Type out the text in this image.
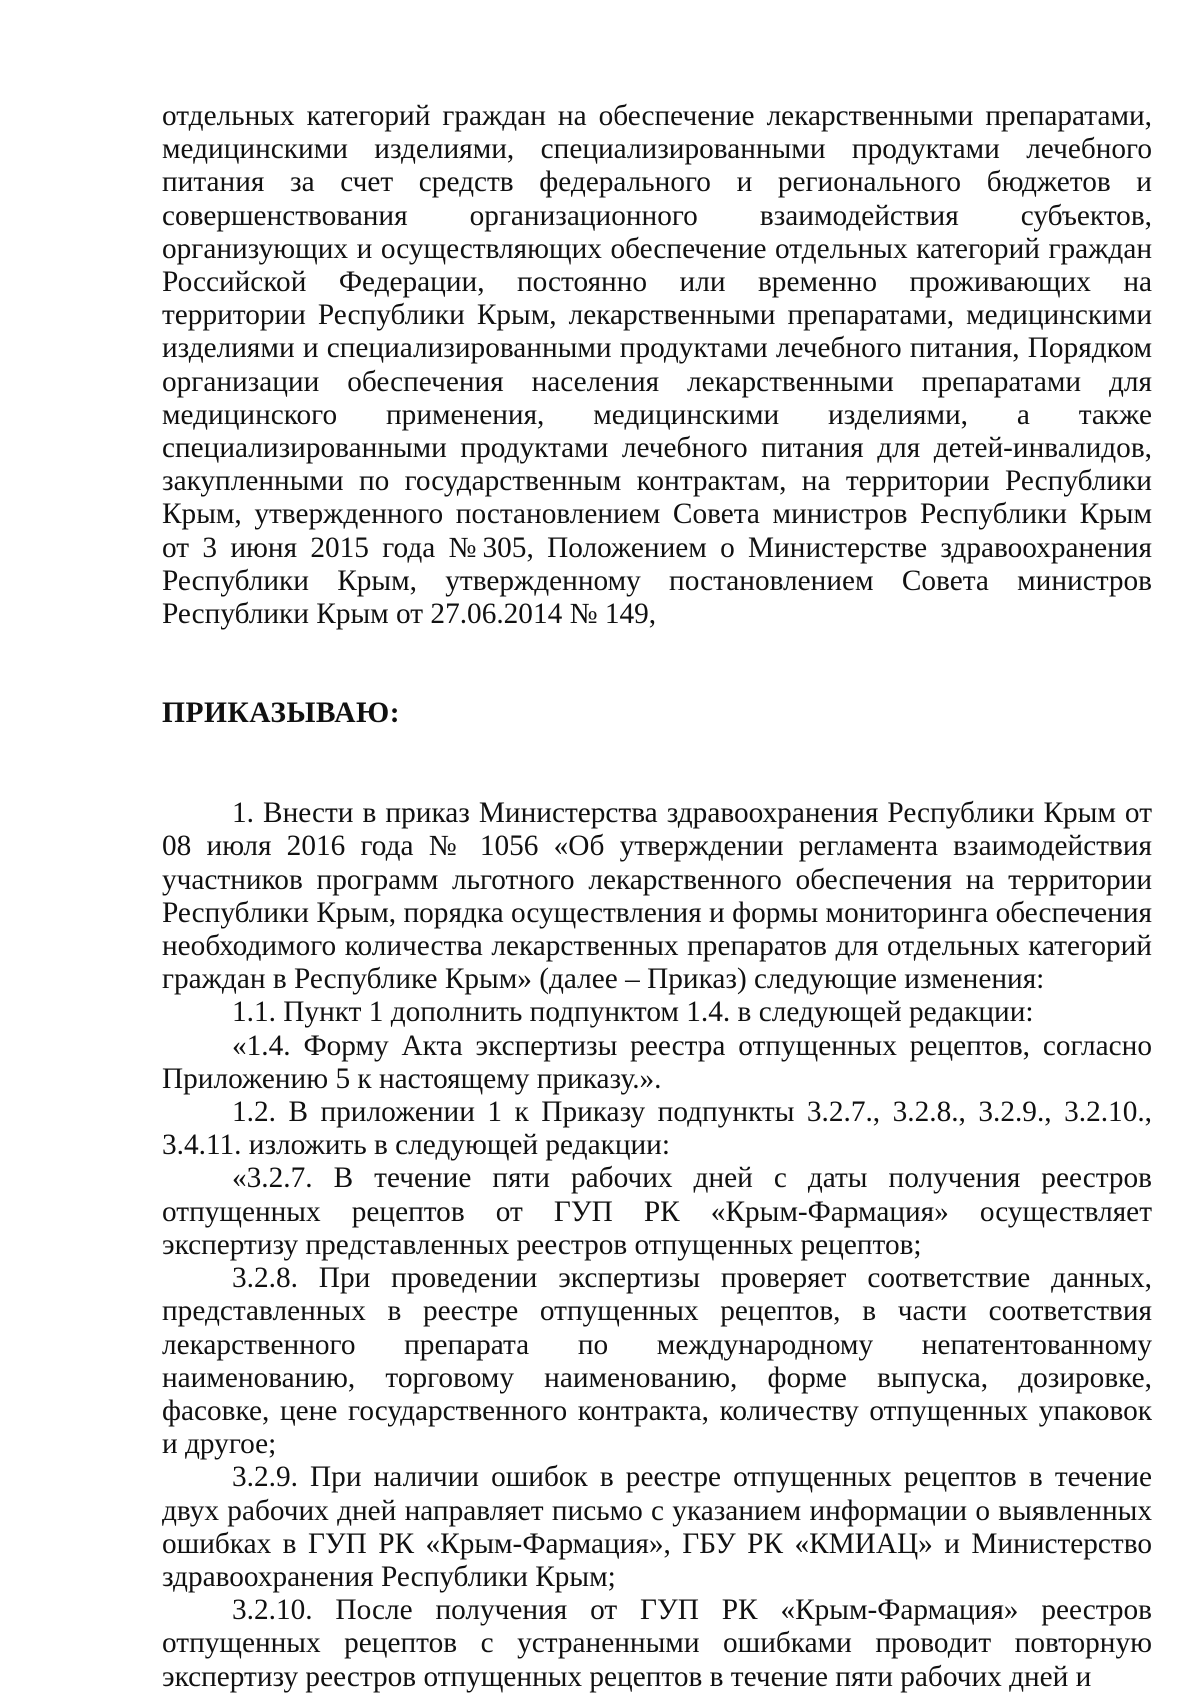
отдельных категорий граждан на обеспечение лекарственными препаратами, медицинскими изделиями, специализированными продуктами лечебного питания за счет средств федерального и регионального бюджетов и совершенствования организационного взаимодействия субъектов, организующих и осуществляющих обеспечение отдельных категорий граждан Российской Федерации, постоянно или временно проживающих на территории Республики Крым, лекарственными препаратами, медицинскими изделиями и специализированными продуктами лечебного питания, Порядком организации обеспечения населения лекарственными препаратами для медицинского применения, медицинскими изделиями, а также специализированными продуктами лечебного питания для детей-инвалидов, закупленными по государственным контрактам, на территории Республики Крым, утвержденного постановлением Совета министров Республики Крым от 3 июня 2015 года №305, Положением о Министерстве здравоохранения Республики Крым, утвержденному постановлением Совета министров Республики Крым от 27.06.2014 № 149,

ПРИКАЗЫВАЮ:

1. Внести в приказ Министерства здравоохранения Республики Крым от 08 июля 2016 года № 1056 «Об утверждении регламента взаимодействия участников программ льготного лекарственного обеспечения на территории Республики Крым, порядка осуществления и формы мониторинга обеспечения необходимого количества лекарственных препаратов для отдельных категорий граждан в Республике Крым» (далее – Приказ) следующие изменения:

1.1. Пункт 1 дополнить подпунктом 1.4. в следующей редакции:

«1.4. Форму Акта экспертизы реестра отпущенных рецептов, согласно Приложению 5 к настоящему приказу.».

1.2. В приложении 1 к Приказу подпункты 3.2.7., 3.2.8., 3.2.9., 3.2.10., 3.4.11. изложить в следующей редакции:

«3.2.7. В течение пяти рабочих дней с даты получения реестров отпущенных рецептов от ГУП РК «Крым-Фармация» осуществляет экспертизу представленных реестров отпущенных рецептов;

3.2.8. При проведении экспертизы проверяет соответствие данных, представленных в реестре отпущенных рецептов, в части соответствия лекарственного препарата по международному непатентованному наименованию, торговому наименованию, форме выпуска, дозировке, фасовке, цене государственного контракта, количеству отпущенных упаковок и другое;

3.2.9. При наличии ошибок в реестре отпущенных рецептов в течение двух рабочих дней направляет письмо с указанием информации о выявленных ошибках в ГУП РК «Крым-Фармация», ГБУ РК «КМИАЦ» и Министерство здравоохранения Республики Крым;

3.2.10. После получения от ГУП РК «Крым-Фармация» реестров отпущенных рецептов с устраненными ошибками проводит повторную экспертизу реестров отпущенных рецептов в течение пяти рабочих дней и
